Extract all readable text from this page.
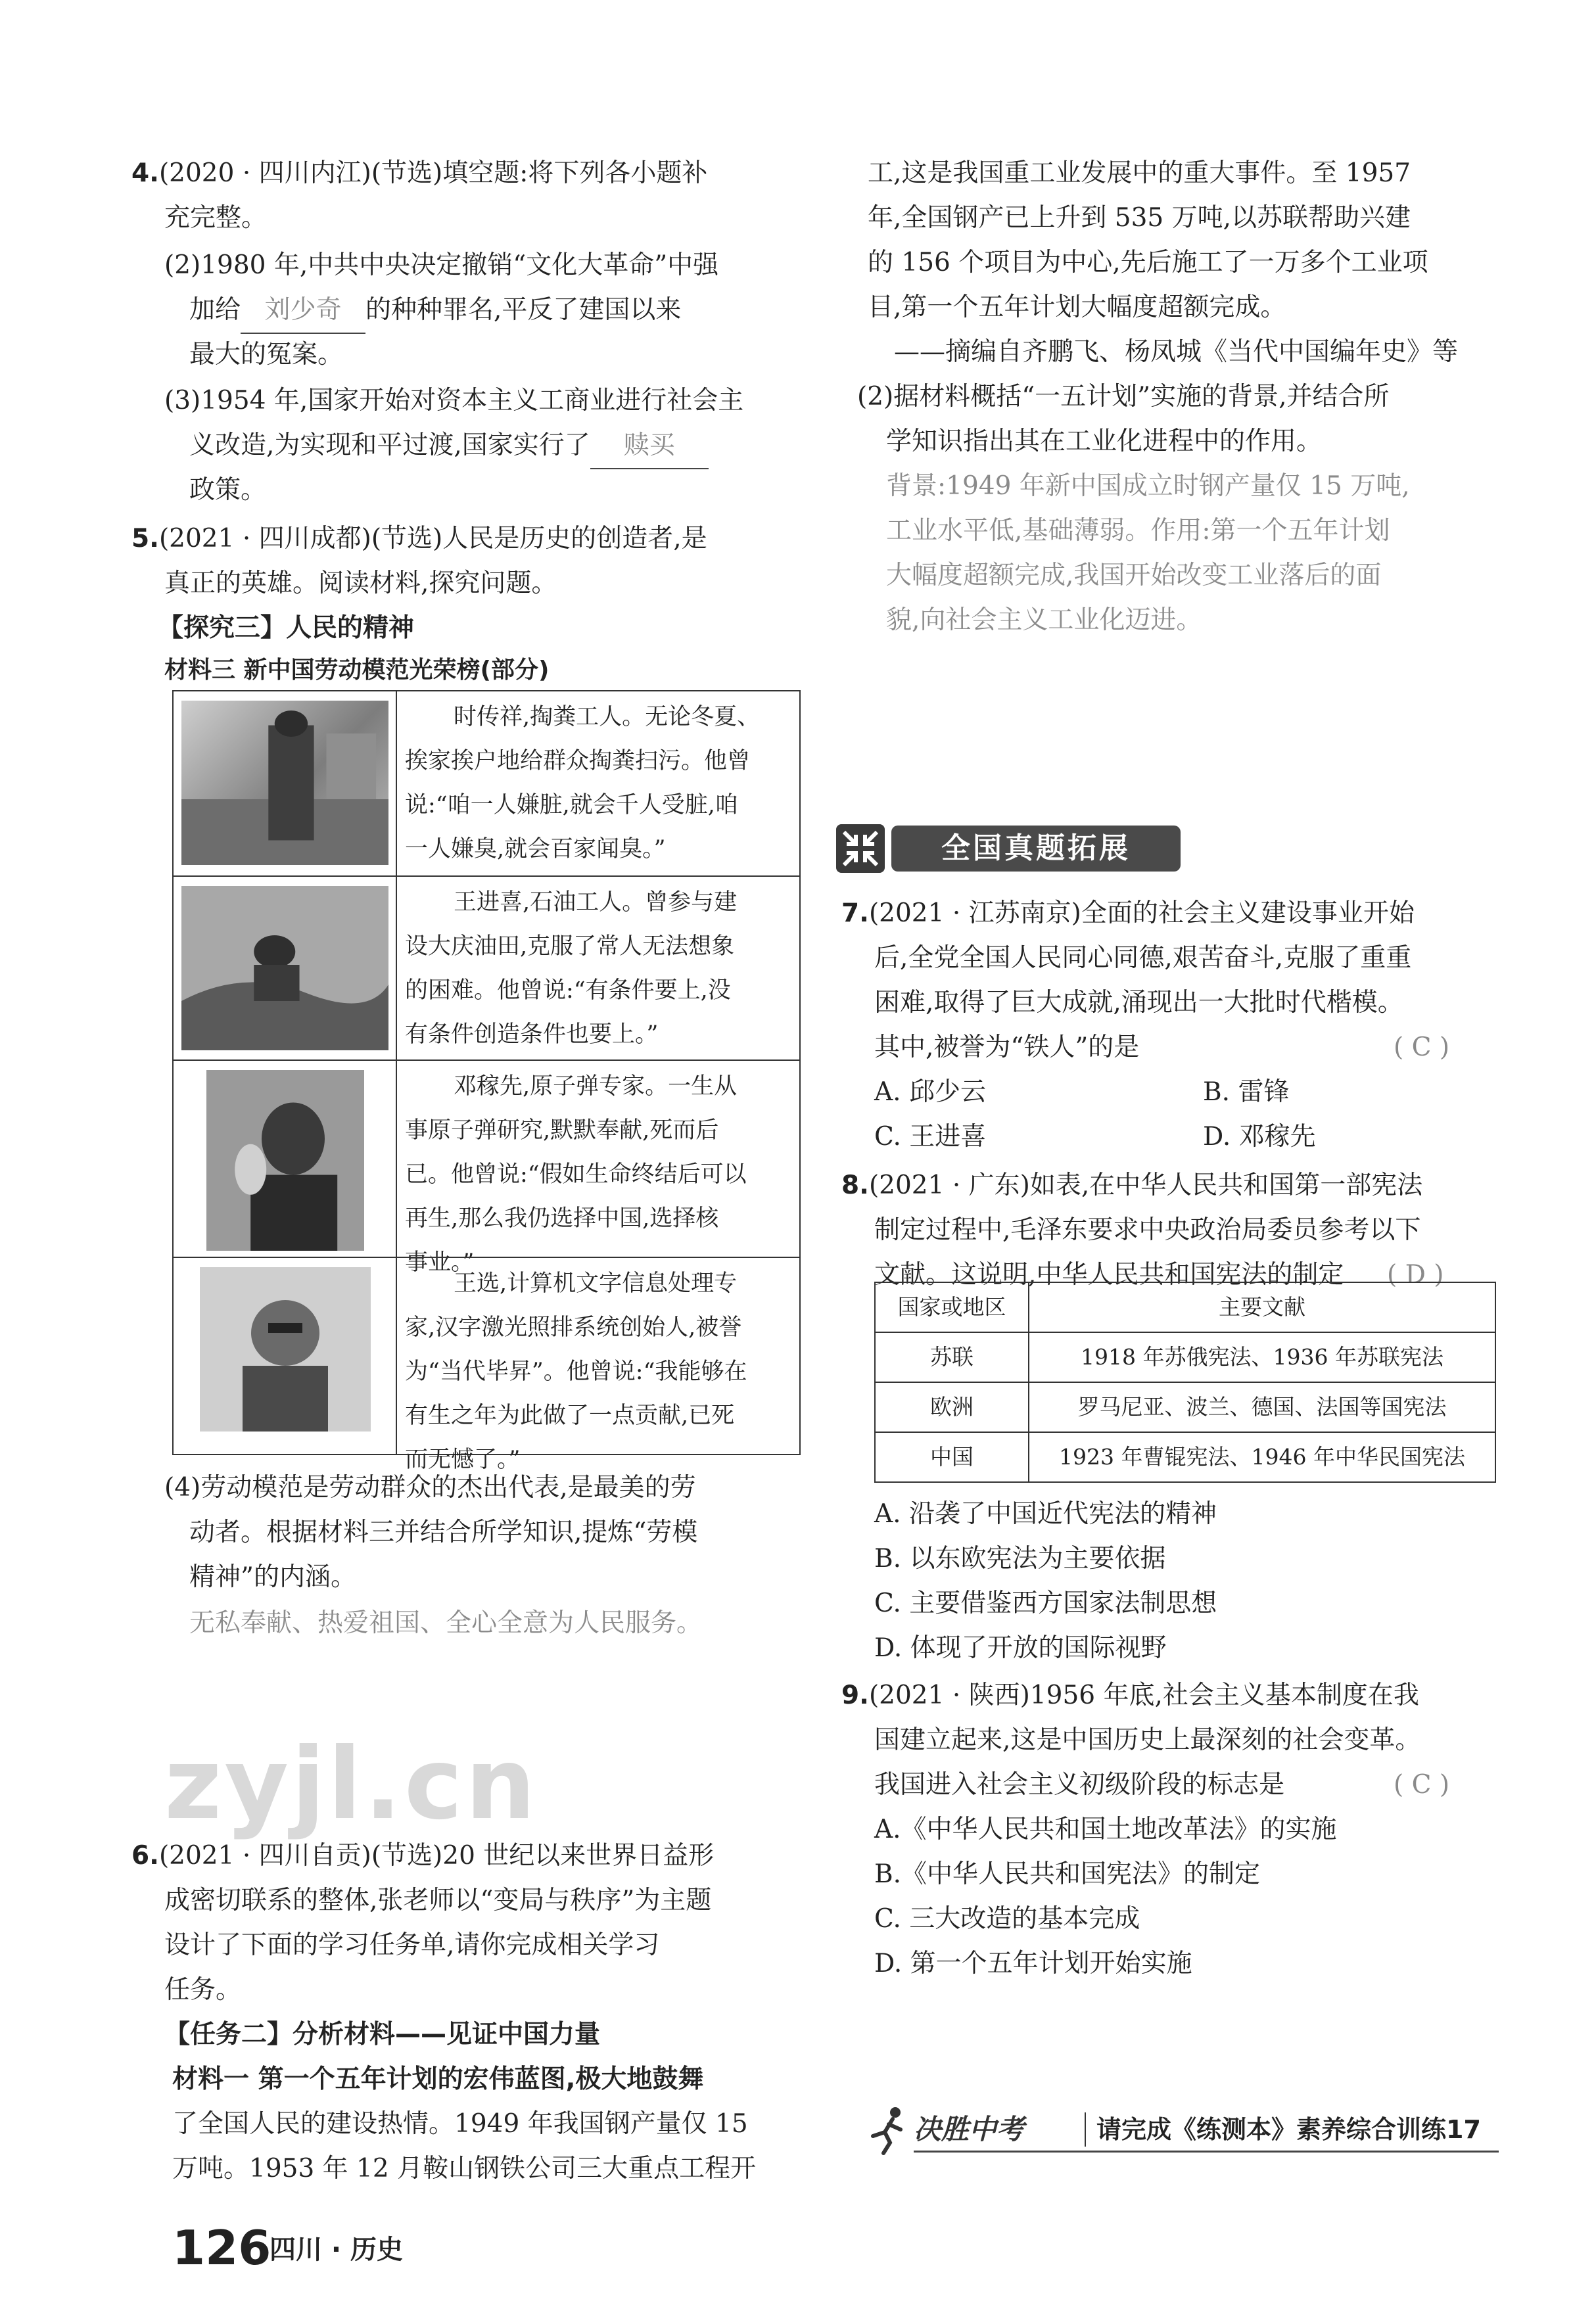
4.(2020 · 四川内江)(节选)填空题:将下列各小题补
充完整。
(2)1980 年,中共中央决定撤销“文化大革命”中强
加给 刘少奇 的种种罪名,平反了建国以来
最大的冤案。
(3)1954 年,国家开始对资本主义工商业进行社会主
义改造,为实现和平过渡,国家实行了 赎买
政策。
5.(2021 · 四川成都)(节选)人民是历史的创造者,是
真正的英雄。阅读材料,探究问题。
【探究三】人民的精神
材料三 新中国劳动模范光荣榜(部分)
时传祥,掏粪工人。无论冬夏、
挨家挨户地给群众掏粪扫污。他曾
说:“咱一人嫌脏,就会千人受脏,咱
一人嫌臭,就会百家闻臭。”
王进喜,石油工人。曾参与建
设大庆油田,克服了常人无法想象
的困难。他曾说:“有条件要上,没
有条件创造条件也要上。”
邓稼先,原子弹专家。一生从
事原子弹研究,默默奉献,死而后
已。他曾说:“假如生命终结后可以
再生,那么我仍选择中国,选择核
事业。”
王选,计算机文字信息处理专
家,汉字激光照排系统创始人,被誉
为“当代毕昇”。他曾说:“我能够在
有生之年为此做了一点贡献,已死
而无憾了。”
(4)劳动模范是劳动群众的杰出代表,是最美的劳
动者。根据材料三并结合所学知识,提炼“劳模
精神”的内涵。
无私奉献、热爱祖国、全心全意为人民服务。
zyjl.cn
6.(2021 · 四川自贡)(节选)20 世纪以来世界日益形
成密切联系的整体,张老师以“变局与秩序”为主题
设计了下面的学习任务单,请你完成相关学习
任务。
【任务二】分析材料——见证中国力量
材料一 第一个五年计划的宏伟蓝图,极大地鼓舞
了全国人民的建设热情。1949 年我国钢产量仅 15
万吨。1953 年 12 月鞍山钢铁公司三大重点工程开
126
四川 · 历史
工,这是我国重工业发展中的重大事件。至 1957
年,全国钢产已上升到 535 万吨,以苏联帮助兴建
的 156 个项目为中心,先后施工了一万多个工业项
目,第一个五年计划大幅度超额完成。
——摘编自齐鹏飞、杨凤城《当代中国编年史》等
(2)据材料概括“一五计划”实施的背景,并结合所
学知识指出其在工业化进程中的作用。
背景:1949 年新中国成立时钢产量仅 15 万吨,
工业水平低,基础薄弱。作用:第一个五年计划
大幅度超额完成,我国开始改变工业落后的面
貌,向社会主义工业化迈进。
全国真题拓展
7.(2021 · 江苏南京)全面的社会主义建设事业开始
后,全党全国人民同心同德,艰苦奋斗,克服了重重
困难,取得了巨大成就,涌现出一大批时代楷模。
其中,被誉为“铁人”的是	( C )
A. 邱少云	B. 雷锋
C. 王进喜	D. 邓稼先
8.(2021 · 广东)如表,在中华人民共和国第一部宪法
制定过程中,毛泽东要求中央政治局委员参考以下
文献。这说明,中华人民共和国宪法的制定 ( D )
国家或地区	主要文献
苏联	1918 年苏俄宪法、1936 年苏联宪法
欧洲	罗马尼亚、波兰、德国、法国等国宪法
中国	1923 年曹锟宪法、1946 年中华民国宪法
A. 沿袭了中国近代宪法的精神
B. 以东欧宪法为主要依据
C. 主要借鉴西方国家法制思想
D. 体现了开放的国际视野
9.(2021 · 陕西)1956 年底,社会主义基本制度在我
国建立起来,这是中国历史上最深刻的社会变革。
我国进入社会主义初级阶段的标志是	( C )
A.《中华人民共和国土地改革法》的实施
B.《中华人民共和国宪法》的制定
C. 三大改造的基本完成
D. 第一个五年计划开始实施
决胜中考	请完成《练测本》素养综合训练17
